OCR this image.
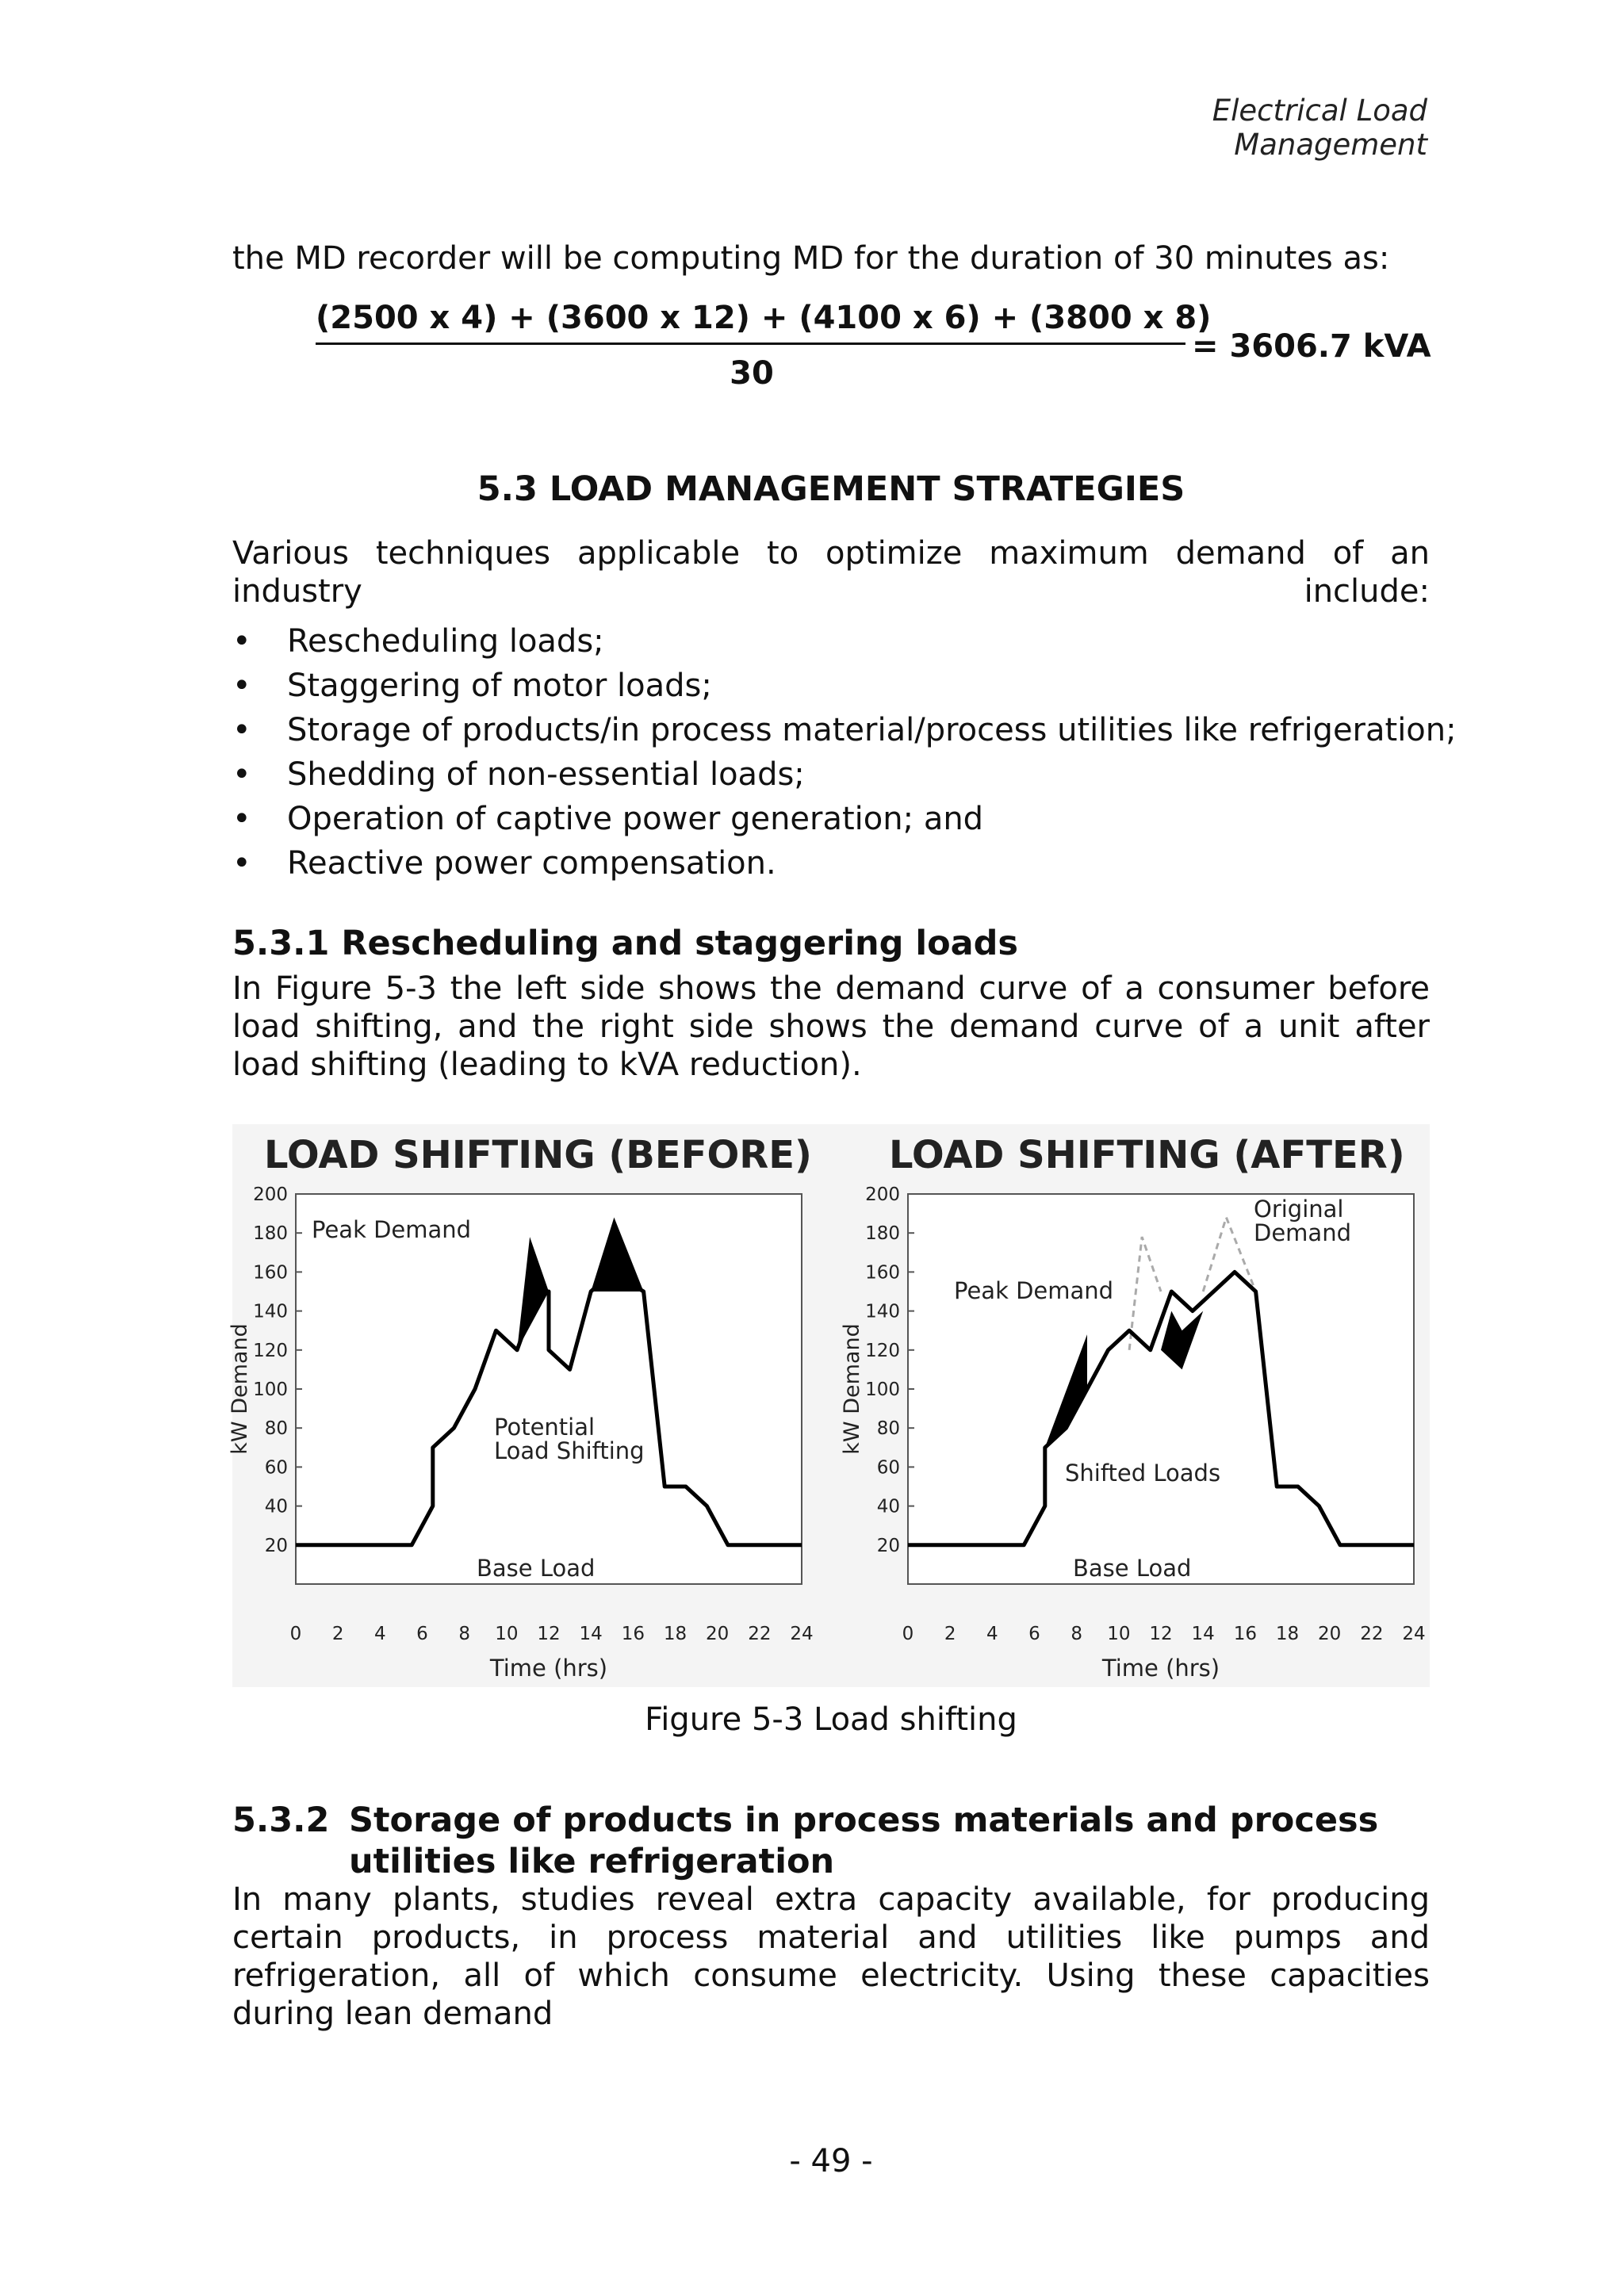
Electrical Load Management
the MD recorder will be computing MD for the duration of 30 minutes as:
(2500 x 4) + (3600 x 12) + (4100 x 6) + (3800 x 8)
30
= 3606.7 kVA
5.3 LOAD MANAGEMENT STRATEGIES
Various techniques applicable to optimize maximum demand of an industry include:
• Rescheduling loads;
• Staggering of motor loads;
• Storage of products/in process material/process utilities like refrigeration;
• Shedding of non-essential loads;
• Operation of captive power generation; and
• Reactive power compensation.
5.3.1 Rescheduling and staggering loads
In Figure 5-3 the left side shows the demand curve of a consumer before load shifting, and the right side shows the demand curve of a unit after load shifting (leading to kVA reduction).
LOAD SHIFTING (BEFORE)
20
40
60
80
100
120
140
160
180
200
0 2 4 6 8 10 12 14 16 18 20 22 24
kW Demand
Time (hrs)
Peak Demand
Potential Load Shifting
Base Load
LOAD SHIFTING (AFTER)
20
40
60
80
100
120
140
160
180
200
0 2 4 6 8 10 12 14 16 18 20 22 24
kW Demand
Time (hrs)
Original Demand
Peak Demand
Shifted Loads
Base Load
Figure 5-3 Load shifting
5.3.2 Storage of products in process materials and process
utilities like refrigeration
In many plants, studies reveal extra capacity available, for producing certain products, in process material and utilities like pumps and refrigeration, all of which consume electricity. Using these capacities during lean demand
- 49 -
